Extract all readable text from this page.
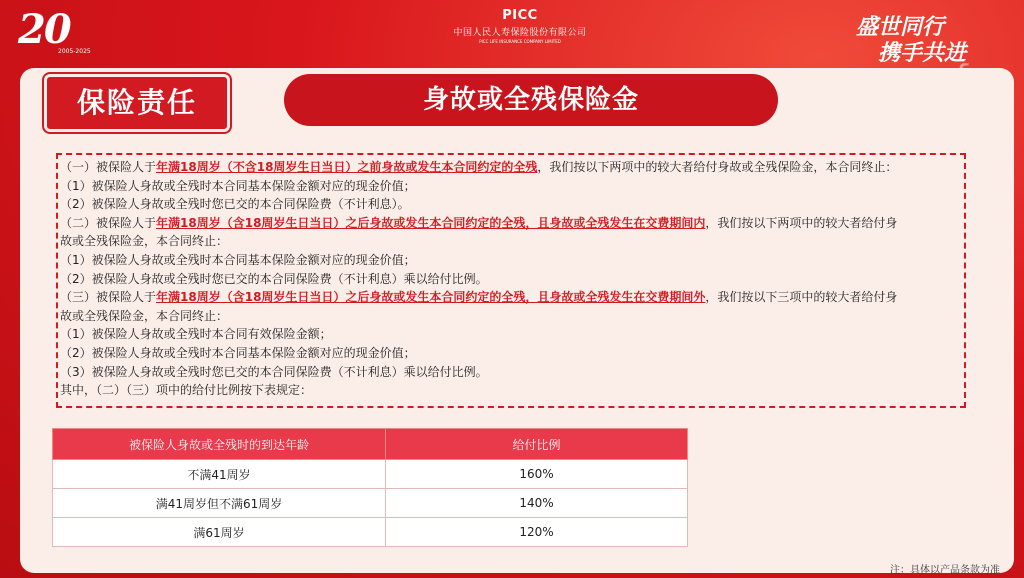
20
2005-2025
PICC
中国人民人寿保险股份有限公司
PICC LIFE INSURANCE COMPANY LIMITED
盛世同行
携手共进
保险责任	身故或全残保险金
（一）被保险人于年满18周岁（不含18周岁生日当日）之前身故或发生本合同约定的全残，我们按以下两项中的较大者给付身故或全残保险金，本合同终止：
（1）被保险人身故或全残时本合同基本保险金额对应的现金价值；
（2）被保险人身故或全残时您已交的本合同保险费（不计利息）。
（二）被保险人于年满18周岁（含18周岁生日当日）之后身故或发生本合同约定的全残，且身故或全残发生在交费期间内，我们按以下两项中的较大者给付身
故或全残保险金，本合同终止：
（1）被保险人身故或全残时本合同基本保险金额对应的现金价值；
（2）被保险人身故或全残时您已交的本合同保险费（不计利息）乘以给付比例。
（三）被保险人于年满18周岁（含18周岁生日当日）之后身故或发生本合同约定的全残，且身故或全残发生在交费期间外，我们按以下三项中的较大者给付身
故或全残保险金，本合同终止：
（1）被保险人身故或全残时本合同有效保险金额；
（2）被保险人身故或全残时本合同基本保险金额对应的现金价值；
（3）被保险人身故或全残时您已交的本合同保险费（不计利息）乘以给付比例。
其中，（二）（三）项中的给付比例按下表规定：
被保险人身故或全残时的到达年龄	给付比例
不满41周岁	160%
满41周岁但不满61周岁	140%
满61周岁	120%
注：具体以产品条款为准
